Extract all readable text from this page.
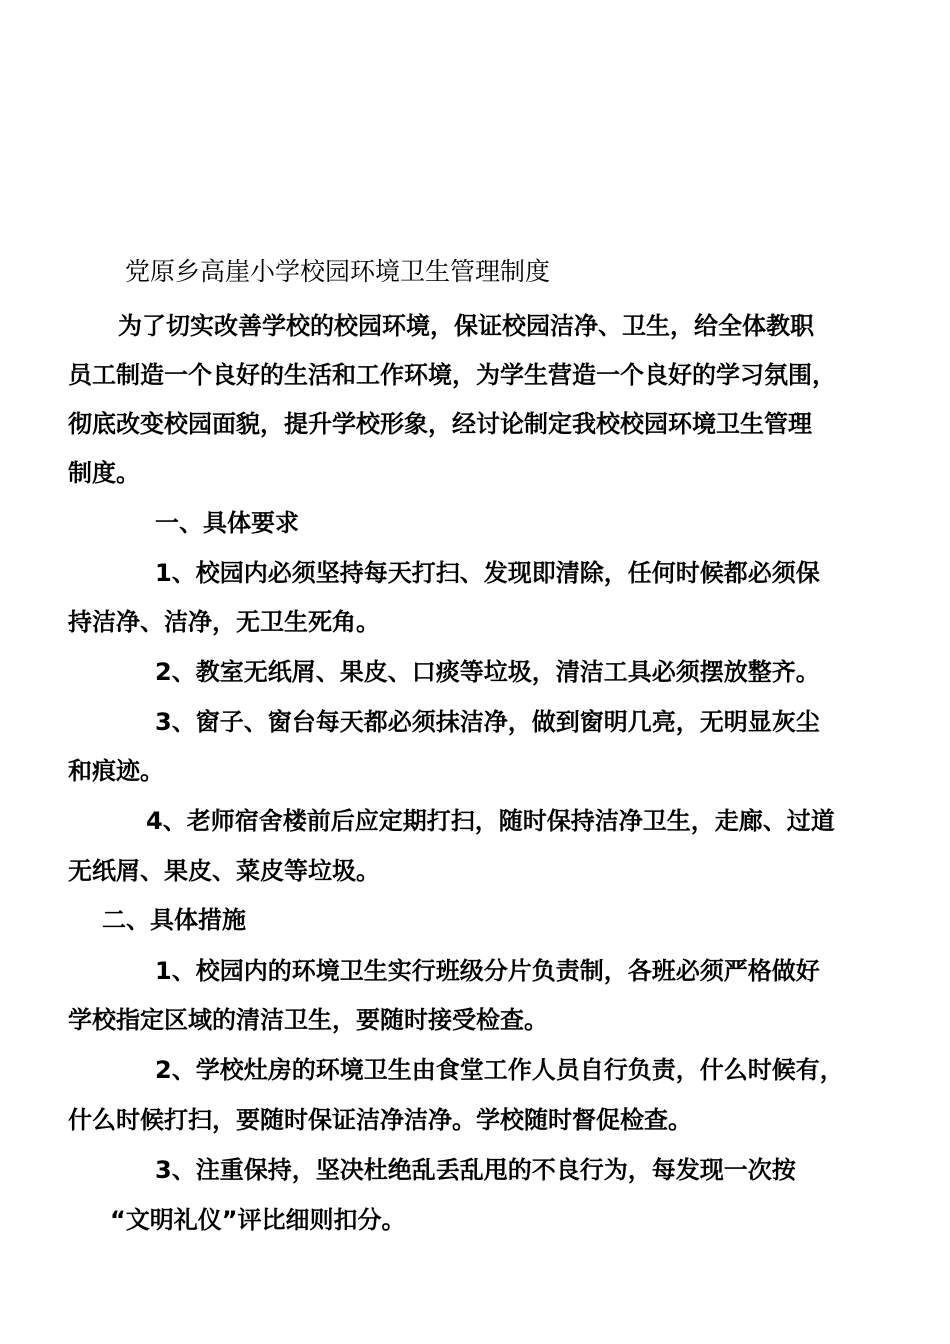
党原乡高崖小学校园环境卫生管理制度
为了切实改善学校的校园环境，保证校园洁净、卫生，给全体教职
员工制造一个良好的生活和工作环境，为学生营造一个良好的学习氛围，
彻底改变校园面貌，提升学校形象，经讨论制定我校校园环境卫生管理
制度。
一、具体要求
1、校园内必须坚持每天打扫、发现即清除，任何时候都必须保
持洁净、洁净，无卫生死角。
2、教室无纸屑、果皮、口痰等垃圾，清洁工具必须摆放整齐。
3、窗子、窗台每天都必须抹洁净，做到窗明几亮，无明显灰尘
和痕迹。
4、老师宿舍楼前后应定期打扫，随时保持洁净卫生，走廊、过道
无纸屑、果皮、菜皮等垃圾。
二、具体措施
1、校园内的环境卫生实行班级分片负责制，各班必须严格做好
学校指定区域的清洁卫生，要随时接受检查。
2、学校灶房的环境卫生由食堂工作人员自行负责，什么时候有，
什么时候打扫，要随时保证洁净洁净。学校随时督促检查。
3、注重保持，坚决杜绝乱丢乱甩的不良行为，每发现一次按
“文明礼仪”评比细则扣分。
